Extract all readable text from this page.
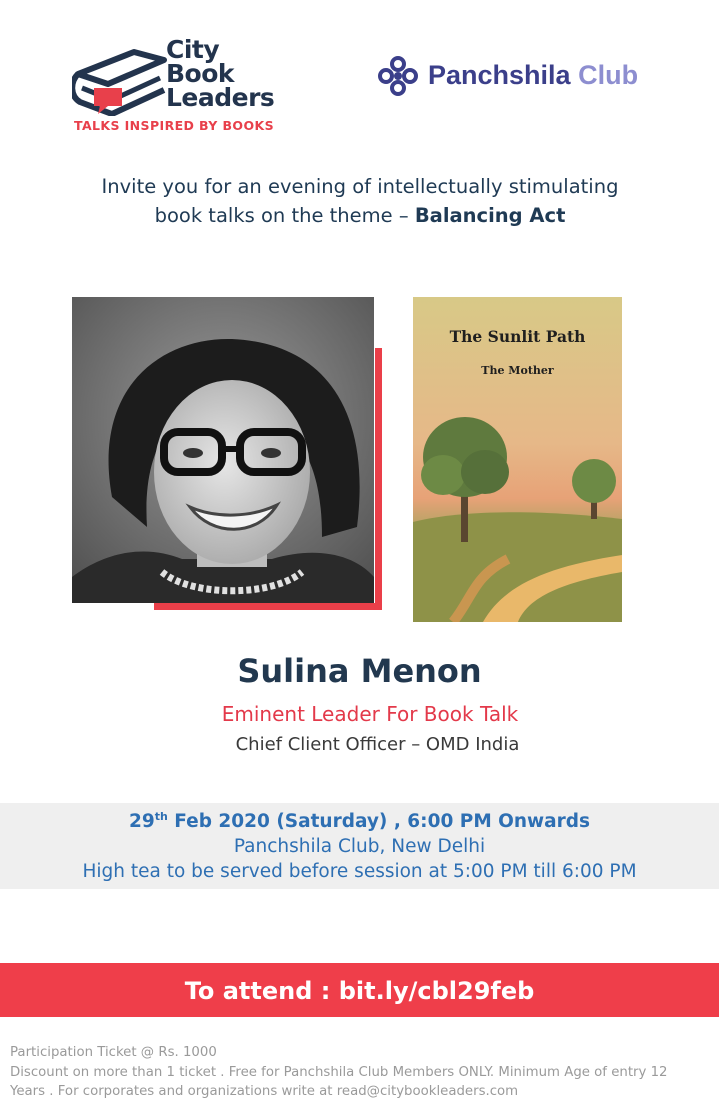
City
Book
Leaders
TALKS INSPIRED BY BOOKS
Panchshila Club
Invite you for an evening of intellectually stimulating
book talks on the theme – Balancing Act
The Sunlit Path
The Mother
Sulina Menon
Eminent Leader For Book Talk
Chief Client Officer – OMD India
29th Feb 2020 (Saturday) , 6:00 PM Onwards
Panchshila Club, New Delhi
High tea to be served before session at 5:00 PM till 6:00 PM
To attend : bit.ly/cbl29feb
Participation Ticket @ Rs. 1000
Discount on more than 1 ticket . Free for Panchshila Club Members ONLY. Minimum Age of entry 12
Years . For corporates and organizations write at read@citybookleaders.com
